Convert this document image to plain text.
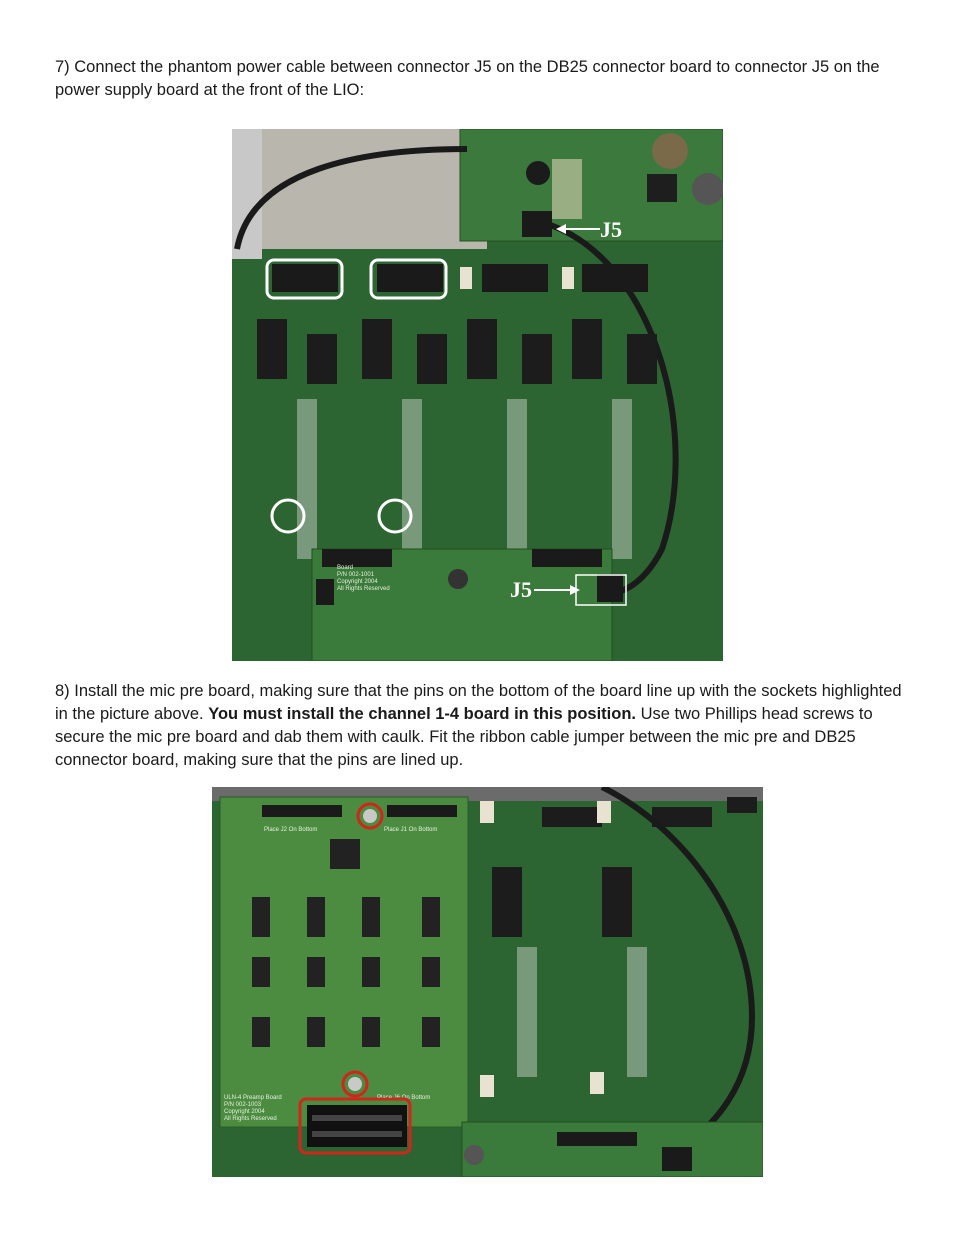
7) Connect the phantom power cable between connector J5 on the DB25 connector board to connector J5 on the power supply board at the front of the LIO:

Board
P/N 002-1001
Copyright 2004
All Rights Reserved
J5
J5

8) Install the mic pre board, making sure that the pins on the bottom of the board line up with the sockets highlighted in the picture above. You must install the channel 1-4 board in this position. Use two Phillips head screws to secure the mic pre board and dab them with caulk. Fit the ribbon cable jumper between the mic pre and DB25 connector board, making sure that the pins are lined up.

Place J2 On Bottom	Place J1 On Bottom
Place J6 On Bottom
ULN-4 Preamp Board
P/N 002-1003
Copyright 2004
All Rights Reserved
